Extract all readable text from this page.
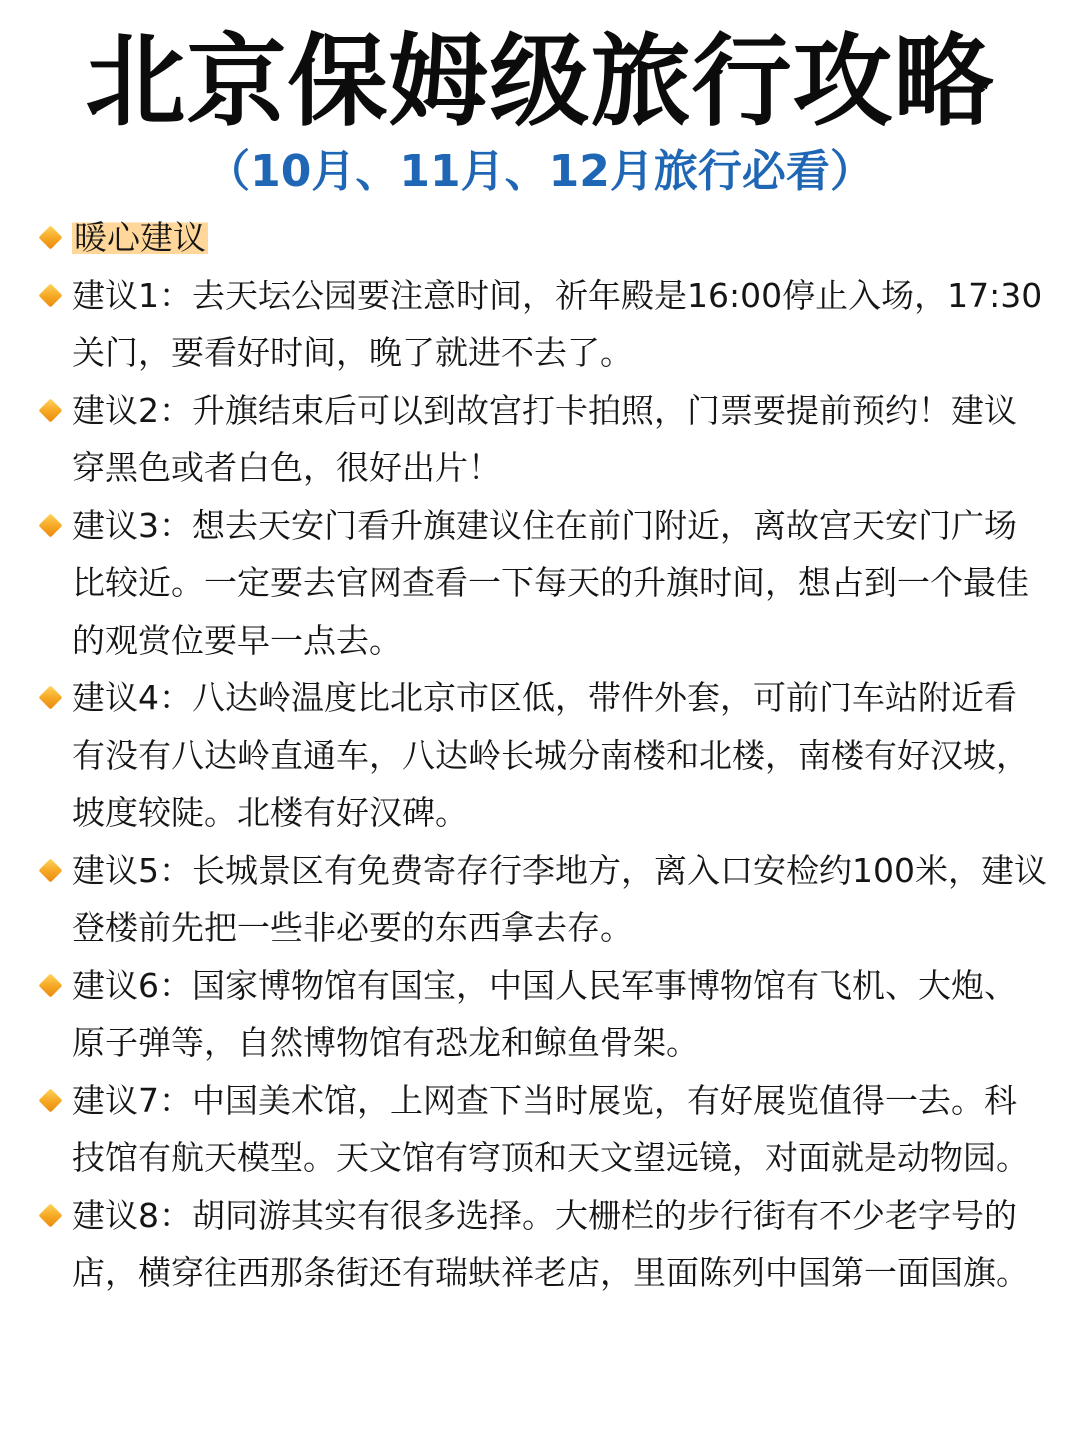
北京保姆级旅行攻略
（10月、11月、12月旅行必看）
暖心建议
建议1：去天坛公园要注意时间，祈年殿是16:00停止入场，17:30关门，要看好时间，晚了就进不去了。
建议2：升旗结束后可以到故宫打卡拍照，门票要提前预约！建议穿黑色或者白色，很好出片！
建议3：想去天安门看升旗建议住在前门附近，离故宫天安门广场比较近。一定要去官网查看一下每天的升旗时间，想占到一个最佳的观赏位要早一点去。
建议4：八达岭温度比北京市区低，带件外套，可前门车站附近看有没有八达岭直通车，八达岭长城分南楼和北楼，南楼有好汉坡，坡度较陡。北楼有好汉碑。
建议5：长城景区有免费寄存行李地方，离入口安检约100米，建议登楼前先把一些非必要的东西拿去存。
建议6：国家博物馆有国宝，中国人民军事博物馆有飞机、大炮、原子弹等，自然博物馆有恐龙和鲸鱼骨架。
建议7：中国美术馆，上网查下当时展览，有好展览值得一去。科技馆有航天模型。天文馆有穹顶和天文望远镜，对面就是动物园。
建议8：胡同游其实有很多选择。大栅栏的步行街有不少老字号的店，横穿往西那条街还有瑞蚨祥老店，里面陈列中国第一面国旗。
